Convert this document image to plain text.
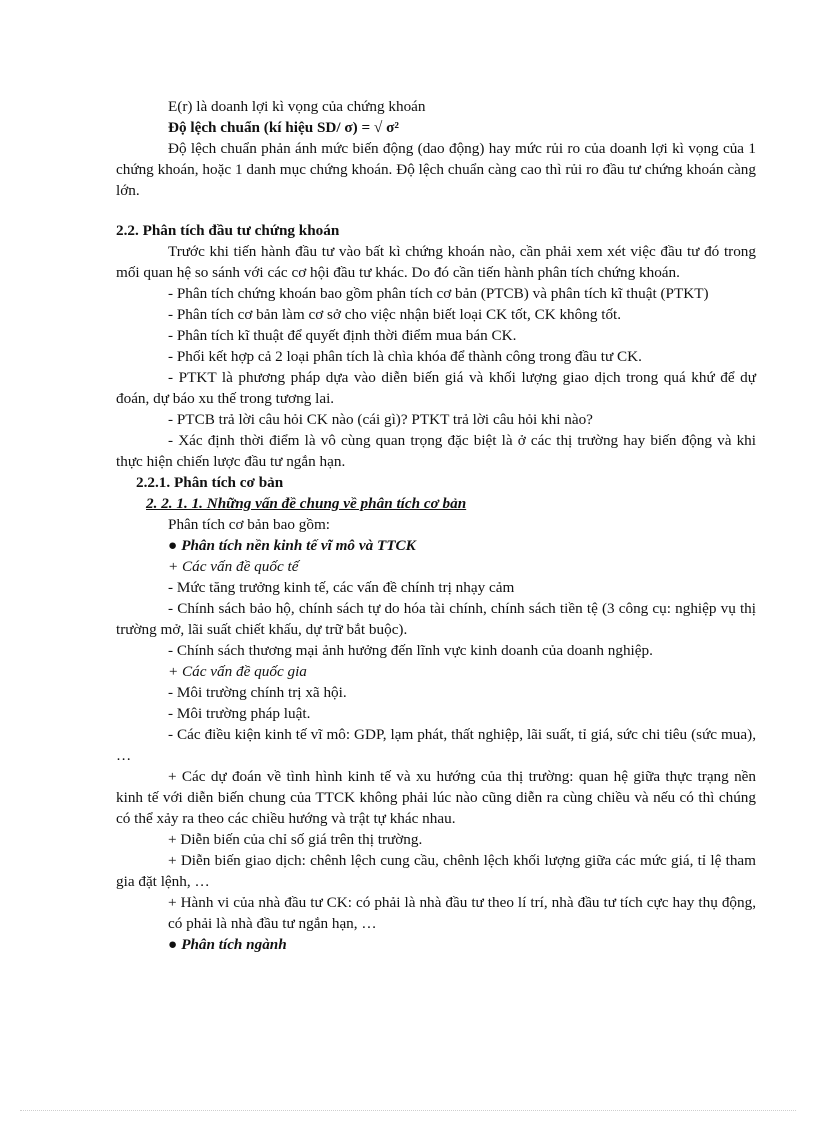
E(r) là doanh lợi kì vọng của chứng khoán

Độ lệch chuẩn (kí hiệu SD/ σ) = √ σ²

Độ lệch chuẩn phản ánh mức biến động (dao động) hay mức rủi ro của doanh lợi kì vọng của 1 chứng khoán, hoặc 1 danh mục chứng khoán. Độ lệch chuẩn càng cao thì rủi ro đầu tư chứng khoán càng lớn.

2.2. Phân tích đầu tư chứng khoán

Trước khi tiến hành đầu tư vào bất kì chứng khoán nào, cần phải xem xét việc đầu tư đó trong mối quan hệ so sánh với các cơ hội đầu tư khác. Do đó cần tiến hành phân tích chứng khoán.

- Phân tích chứng khoán bao gồm phân tích cơ bản (PTCB) và phân tích kĩ thuật (PTKT)

- Phân tích cơ bản làm cơ sở cho việc nhận biết loại CK tốt, CK không tốt.

- Phân tích kĩ thuật để quyết định thời điểm mua bán CK.

- Phối kết hợp cả 2 loại phân tích là chìa khóa để thành công trong đầu tư CK.

- PTKT là phương pháp dựa vào diễn biến giá và khối lượng giao dịch trong quá khứ để dự đoán, dự báo xu thế trong tương lai.

- PTCB trả lời câu hỏi CK nào (cái gì)? PTKT trả lời câu hỏi khi nào?

- Xác định thời điểm là vô cùng quan trọng đặc biệt là ở các thị trường hay biến động và khi thực hiện chiến lược đầu tư ngắn hạn.

2.2.1. Phân tích cơ bản

2. 2. 1. 1. Những vấn đề chung về phân tích cơ bản

Phân tích cơ bản bao gồm:

● Phân tích nền kinh tế vĩ mô và TTCK

+ Các vấn đề quốc tế

- Mức tăng trưởng kinh tế, các vấn đề chính trị nhạy cảm

- Chính sách bảo hộ, chính sách tự do hóa tài chính, chính sách tiền tệ (3 công cụ: nghiệp vụ thị trường mở, lãi suất chiết khấu, dự trữ bắt buộc).

- Chính sách thương mại ảnh hưởng đến lĩnh vực kinh doanh của doanh nghiệp.

+ Các vấn đề quốc gia

- Môi trường chính trị xã hội.

- Môi trường pháp luật.

- Các điều kiện kinh tế vĩ mô: GDP, lạm phát, thất nghiệp, lãi suất, tỉ giá, sức chi tiêu (sức mua), …

+ Các dự đoán về tình hình kinh tế và xu hướng của thị trường: quan hệ giữa thực trạng nền kinh tế với diễn biến chung của TTCK không phải lúc nào cũng diễn ra cùng chiều và nếu có thì chúng có thể xảy ra theo các chiều hướng và trật tự khác nhau.

+ Diễn biến của chỉ số giá trên thị trường.

+ Diễn biến giao dịch: chênh lệch cung cầu, chênh lệch khối lượng giữa các mức giá, tỉ lệ tham gia đặt lệnh, …

+ Hành vi của nhà đầu tư CK: có phải là nhà đầu tư theo lí trí, nhà đầu tư tích cực hay thụ động, có phải là nhà đầu tư ngắn hạn, …

● Phân tích ngành
